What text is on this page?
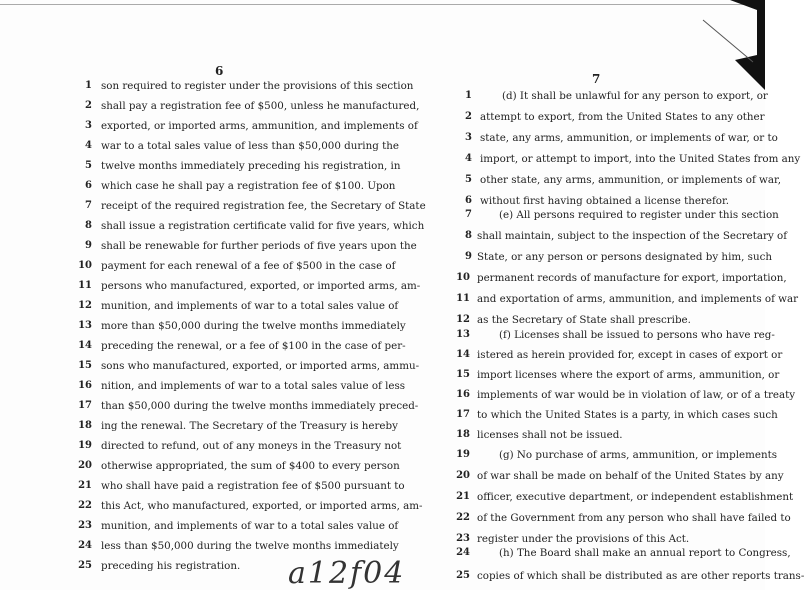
6
7
1 son required to register under the provisions of this section
2 shall pay a registration fee of $500, unless he manufactured,
3 exported, or imported arms, ammunition, and implements of
4 war to a total sales value of less than $50,000 during the
5 twelve months immediately preceding his registration, in
6 which case he shall pay a registration fee of $100. Upon
7 receipt of the required registration fee, the Secretary of State
8 shall issue a registration certificate valid for five years, which
9 shall be renewable for further periods of five years upon the
10 payment for each renewal of a fee of $500 in the case of
11 persons who manufactured, exported, or imported arms, am-
12 munition, and implements of war to a total sales value of
13 more than $50,000 during the twelve months immediately
14 preceding the renewal, or a fee of $100 in the case of per-
15 sons who manufactured, exported, or imported arms, ammu-
16 nition, and implements of war to a total sales value of less
17 than $50,000 during the twelve months immediately preced-
18 ing the renewal. The Secretary of the Treasury is hereby
19 directed to refund, out of any moneys in the Treasury not
20 otherwise appropriated, the sum of $400 to every person
21 who shall have paid a registration fee of $500 pursuant to
22 this Act, who manufactured, exported, or imported arms, am-
23 munition, and implements of war to a total sales value of
24 less than $50,000 during the twelve months immediately
25 preceding his registration.
1	(d) It shall be unlawful for any person to export, or
2 attempt to export, from the United States to any other
3 state, any arms, ammunition, or implements of war, or to
4 import, or attempt to import, into the United States from any
5 other state, any arms, ammunition, or implements of war,
6 without first having obtained a license therefor.
7	(e) All persons required to register under this section
8 shall maintain, subject to the inspection of the Secretary of
9 State, or any person or persons designated by him, such
10 permanent records of manufacture for export, importation,
11 and exportation of arms, ammunition, and implements of war
12 as the Secretary of State shall prescribe.
13	(f) Licenses shall be issued to persons who have reg-
14 istered as herein provided for, except in cases of export or
15 import licenses where the export of arms, ammunition, or
16 implements of war would be in violation of law, or of a treaty
17 to which the United States is a party, in which cases such
18 licenses shall not be issued.
19	(g) No purchase of arms, ammunition, or implements
20 of war shall be made on behalf of the United States by any
21 officer, executive department, or independent establishment
22 of the Government from any person who shall have failed to
23 register under the provisions of this Act.
24	(h) The Board shall make an annual report to Congress,
25 copies of which shall be distributed as are other reports trans-
a12f04
